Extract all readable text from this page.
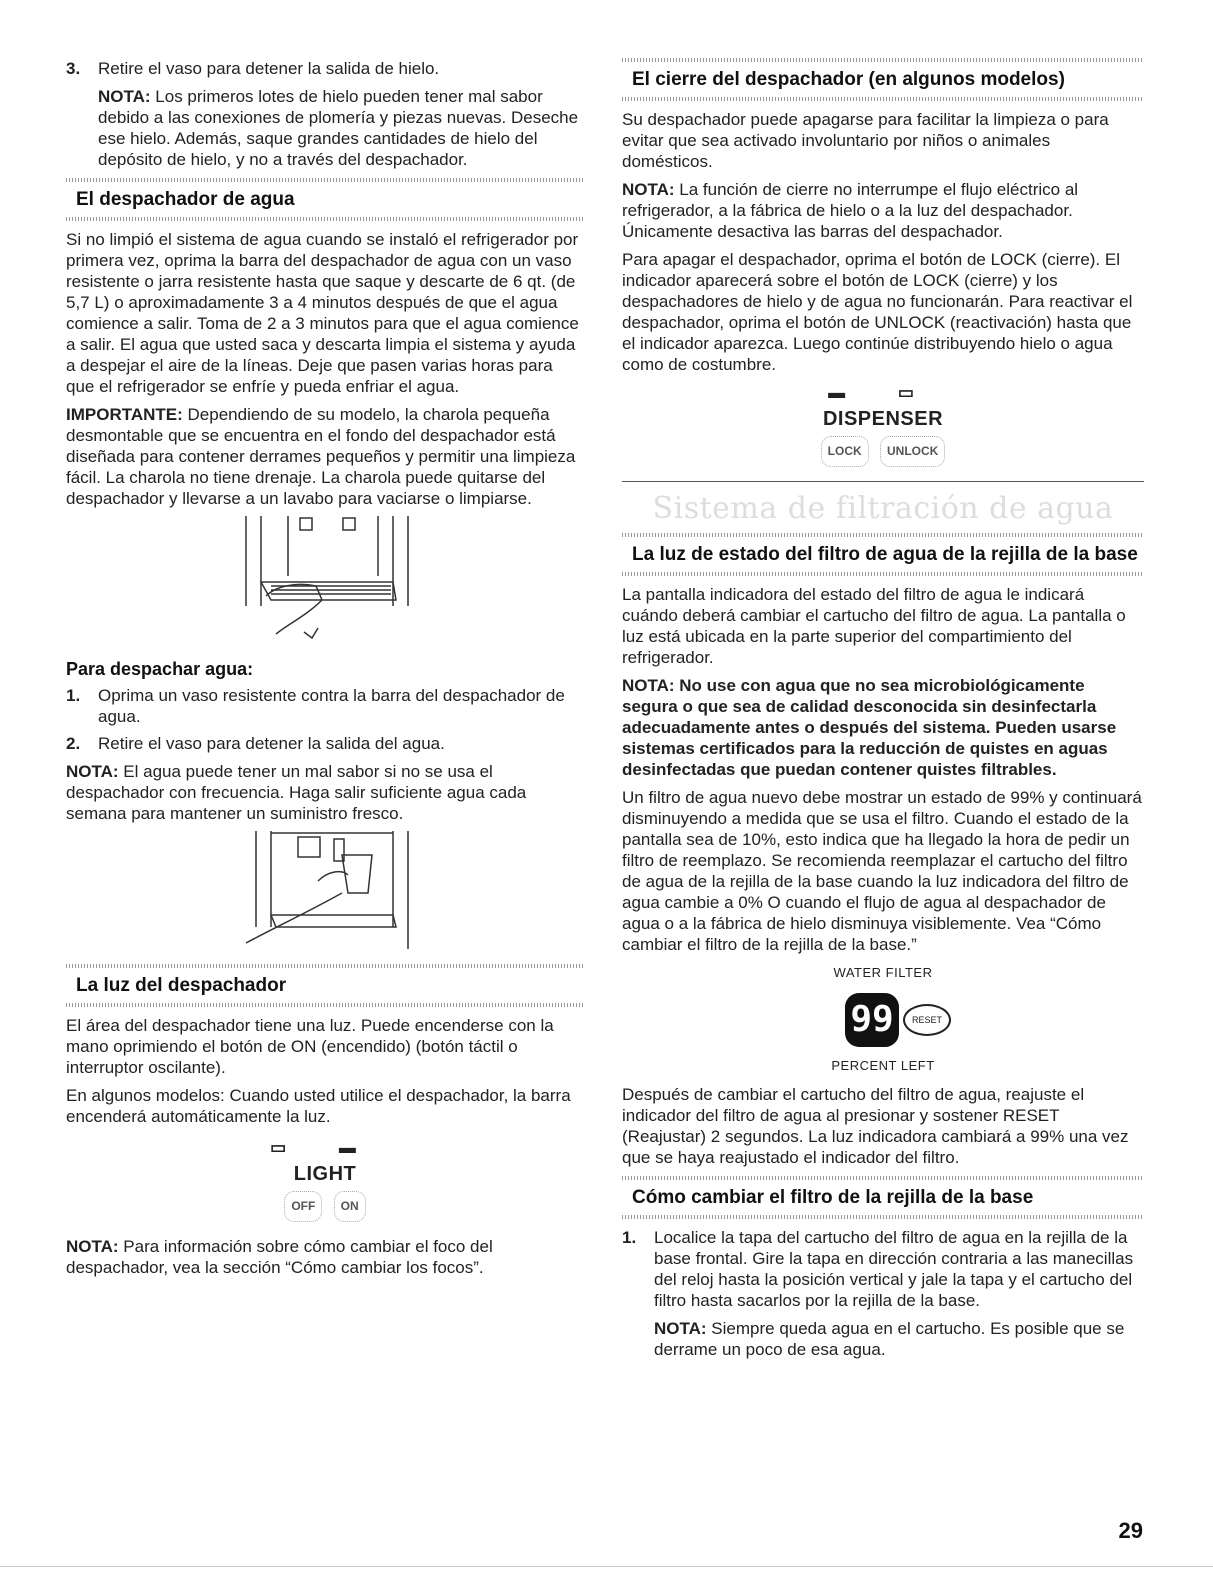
3. Retire el vaso para detener la salida de hielo.

NOTA: Los primeros lotes de hielo pueden tener mal sabor debido a las conexiones de plomería y piezas nuevas. Deseche ese hielo. Además, saque grandes cantidades de hielo del depósito de hielo, y no a través del despachador.

El despachador de agua

Si no limpió el sistema de agua cuando se instaló el refrigerador por primera vez, oprima la barra del despachador de agua con un vaso resistente o jarra resistente hasta que saque y descarte de 6 qt. (de 5,7 L) o aproximadamente 3 a 4 minutos después de que el agua comience a salir. Toma de 2 a 3 minutos para que el agua comience a salir. El agua que usted saca y descarta limpia el sistema y ayuda a despejar el aire de la líneas. Deje que pasen varias horas para que el refrigerador se enfríe y pueda enfriar el agua.

IMPORTANTE: Dependiendo de su modelo, la charola pequeña desmontable que se encuentra en el fondo del despachador está diseñada para contener derrames pequeños y permitir una limpieza fácil. La charola no tiene drenaje. La charola puede quitarse del despachador y llevarse a un lavabo para vaciarse o limpiarse.

Para despachar agua:
1. Oprima un vaso resistente contra la barra del despachador de agua.
2. Retire el vaso para detener la salida del agua.

NOTA: El agua puede tener un mal sabor si no se usa el despachador con frecuencia. Haga salir suficiente agua cada semana para mantener un suministro fresco.

La luz del despachador

El área del despachador tiene una luz. Puede encenderse con la mano oprimiendo el botón de ON (encendido) (botón táctil o interruptor oscilante).

En algunos modelos: Cuando usted utilice el despachador, la barra encenderá automáticamente la luz.

▭ ▬
LIGHT
OFF ON

NOTA: Para información sobre cómo cambiar el foco del despachador, vea la sección “Cómo cambiar los focos”.

El cierre del despachador (en algunos modelos)

Su despachador puede apagarse para facilitar la limpieza o para evitar que sea activado involuntario por niños o animales domésticos.

NOTA: La función de cierre no interrumpe el flujo eléctrico al refrigerador, a la fábrica de hielo o a la luz del despachador. Únicamente desactiva las barras del despachador.

Para apagar el despachador, oprima el botón de LOCK (cierre). El indicador aparecerá sobre el botón de LOCK (cierre) y los despachadores de hielo y de agua no funcionarán. Para reactivar el despachador, oprima el botón de UNLOCK (reactivación) hasta que el indicador aparezca. Luego continúe distribuyendo hielo o agua como de costumbre.

▬ ▭
DISPENSER
LOCK UNLOCK
Sistema de filtración de agua
La luz de estado del filtro de agua de la rejilla de la base

La pantalla indicadora del estado del filtro de agua le indicará cuándo deberá cambiar el cartucho del filtro de agua. La pantalla o luz está ubicada en la parte superior del compartimiento del refrigerador.

NOTA: No use con agua que no sea microbiológicamente segura o que sea de calidad desconocida sin desinfectarla adecuadamente antes o después del sistema. Pueden usarse sistemas certificados para la reducción de quistes en aguas desinfectadas que puedan contener quistes filtrables.

Un filtro de agua nuevo debe mostrar un estado de 99% y continuará disminuyendo a medida que se usa el filtro. Cuando el estado de la pantalla sea de 10%, esto indica que ha llegado la hora de pedir un filtro de reemplazo. Se recomienda reemplazar el cartucho del filtro de agua de la rejilla de la base cuando la luz indicadora del filtro de agua cambie a 0% O cuando el flujo de agua al despachador de agua o a la fábrica de hielo disminuya visiblemente. Vea “Cómo cambiar el filtro de la rejilla de la base.”

WATER FILTER
99	RESET
PERCENT LEFT

Después de cambiar el cartucho del filtro de agua, reajuste el indicador del filtro de agua al presionar y sostener RESET (Reajustar) 2 segundos. La luz indicadora cambiará a 99% una vez que se haya reajustado el indicador del filtro.

Cómo cambiar el filtro de la rejilla de la base
1. Localice la tapa del cartucho del filtro de agua en la rejilla de la base frontal. Gire la tapa en dirección contraria a las manecillas del reloj hasta la posición vertical y jale la tapa y el cartucho del filtro hasta sacarlos por la rejilla de la base.

NOTA: Siempre queda agua en el cartucho. Es posible que se derrame un poco de esa agua.

29
